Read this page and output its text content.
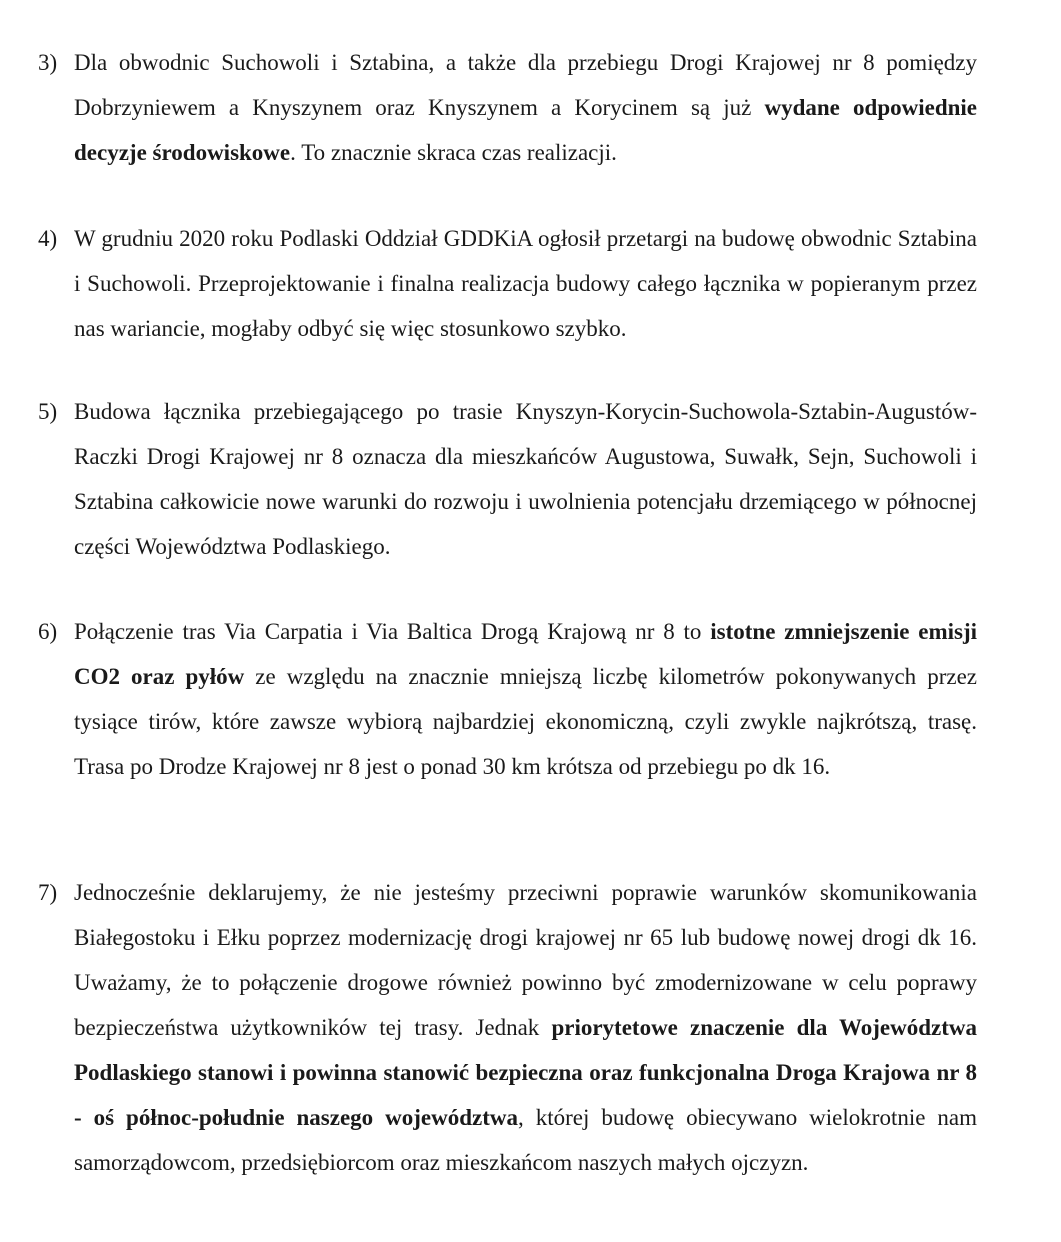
3) Dla obwodnic Suchowoli i Sztabina, a także dla przebiegu Drogi Krajowej nr 8 pomiędzy Dobrzyniewem a Knyszynem oraz Knyszynem a Korycinem są już wydane odpowiednie decyzje środowiskowe. To znacznie skraca czas realizacji.
4) W grudniu 2020 roku Podlaski Oddział GDDKiA ogłosił przetargi na budowę obwodnic Sztabina i Suchowoli. Przeprojektowanie i finalna realizacja budowy całego łącznika w popieranym przez nas wariancie, mogłaby odbyć się więc stosunkowo szybko.
5) Budowa łącznika przebiegającego po trasie Knyszyn-Korycin-Suchowola-Sztabin-Augustów-Raczki Drogi Krajowej nr 8 oznacza dla mieszkańców Augustowa, Suwałk, Sejn, Suchowoli i Sztabina całkowicie nowe warunki do rozwoju i uwolnienia potencjału drzemiącego w północnej części Województwa Podlaskiego.
6) Połączenie tras Via Carpatia i Via Baltica Drogą Krajową nr 8 to istotne zmniejszenie emisji CO2 oraz pyłów ze względu na znacznie mniejszą liczbę kilometrów pokonywanych przez tysiące tirów, które zawsze wybiorą najbardziej ekonomiczną, czyli zwykle najkrótszą, trasę. Trasa po Drodze Krajowej nr 8 jest o ponad 30 km krótsza od przebiegu po dk 16.
7) Jednocześnie deklarujemy, że nie jesteśmy przeciwni poprawie warunków skomunikowania Białegostoku i Ełku poprzez modernizację drogi krajowej nr 65 lub budowę nowej drogi dk 16. Uważamy, że to połączenie drogowe również powinno być zmodernizowane w celu poprawy bezpieczeństwa użytkowników tej trasy. Jednak priorytetowe znaczenie dla Województwa Podlaskiego stanowi i powinna stanowić bezpieczna oraz funkcjonalna Droga Krajowa nr 8 - oś północ-południe naszego województwa, której budowę obiecywano wielokrotnie nam samorządowcom, przedsiębiorcom oraz mieszkańcom naszych małych ojczyzn.
